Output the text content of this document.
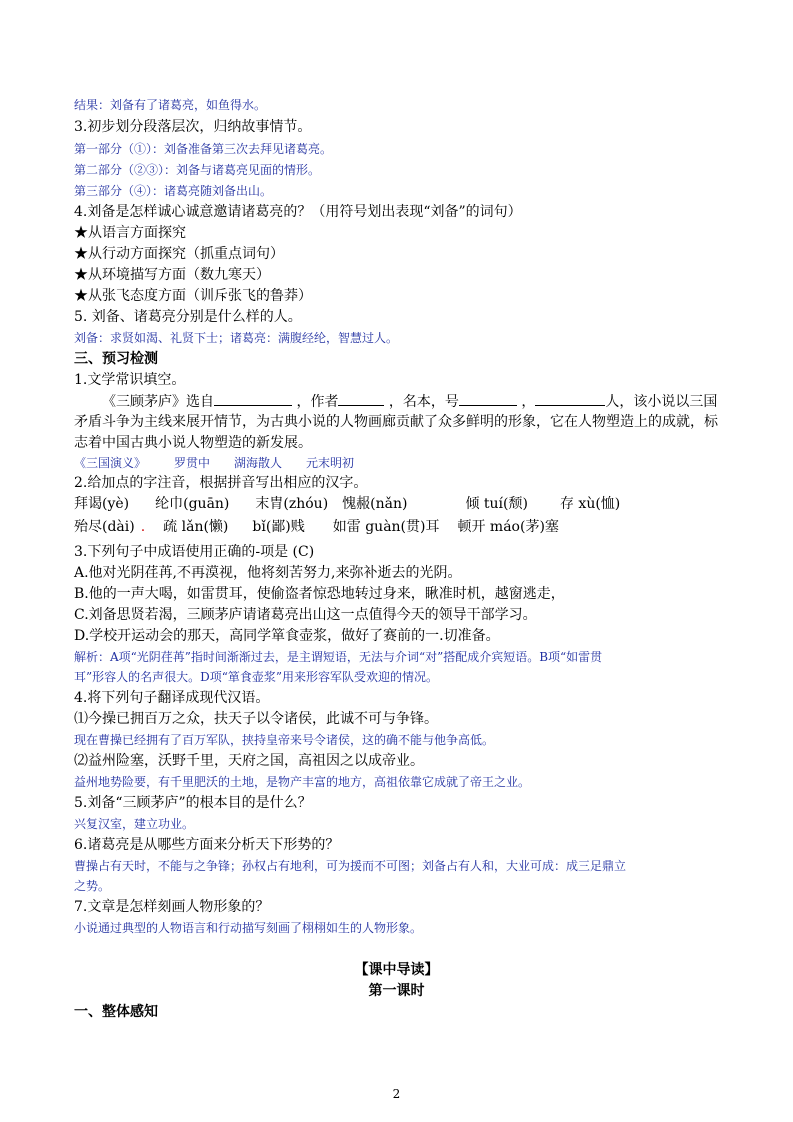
结果：刘备有了诸葛亮，如鱼得水。
3.初步划分段落层次，归纳故事情节。
第一部分（①）：刘备准备第三次去拜见诸葛亮。
第二部分（②③）：刘备与诸葛亮见面的情形。
第三部分（④）：诸葛亮随刘备出山。
4.刘备是怎样诚心诚意邀请诸葛亮的？（用符号划出表现“刘备”的词句）
★从语言方面探究
★从行动方面探究（抓重点词句）
★从环境描写方面（数九寒天）
★从张飞态度方面（训斥张飞的鲁莽）
5. 刘备、诸葛亮分别是什么样的人。
刘备：求贤如渴、礼贤下士；诸葛亮：满腹经纶，智慧过人。
三、预习检测
1.文学常识填空。
《三顾茅庐》选自	，作者	，名本，号	，	人，该小说以三国
矛盾斗争为主线来展开情节，为古典小说的人物画廊贡献了众多鲜明的形象，它在人物塑造上的成就，标
志着中国古典小说人物塑造的新发展。
《三国演义》 罗贯中 湖海散人 元末明初
2.给加点的字注音，根据拼音写出相应的汉字。
拜谒(yè) 纶巾(guān) 末胄(zhóu) 愧赧(nǎn)	倾 tuí(颓) 存 xù(恤)
殆尽(dài) . 疏 lǎn(懒) bǐ(鄙)贱 如雷 guàn(贯)耳 顿开 máo(茅)塞
3.下列句子中成语使用正确的-项是 (C)
A.他对光阴荏苒,不再漠视，他将刻苦努力,来弥补逝去的光阴。
B.他的一声大喝，如雷贯耳，使偷盗者惊恐地转过身来，瞅准时机，越窗逃走，
C.刘备思贤若渴，三顾茅庐请诸葛亮出山这一点值得今天的领导干部学习。
D.学校开运动会的那天，高同学箪食壶浆，做好了赛前的一.切准备。
解析：A项“光阴荏苒”指时间渐渐过去，是主谓短语，无法与介词“对”搭配成介宾短语。B项“如雷贯
耳”形容人的名声很大。D项“箪食壶浆”用来形容军队受欢迎的情况。
4.将下列句子翻译成现代汉语。
⑴今操已拥百万之众，扶天子以令诸侯，此诚不可与争锋。
现在曹操已经拥有了百万军队，挟持皇帝来号令诸侯，这的确不能与他争高低。
⑵益州险塞，沃野千里，天府之国，高祖因之以成帝业。
益州地势险要，有千里肥沃的土地，是物产丰富的地方，高祖依靠它成就了帝王之业。
5.刘备“三顾茅庐”的根本目的是什么？
兴复汉室，建立功业。
6.诸葛亮是从哪些方面来分析天下形势的？
曹操占有天时，不能与之争锋；孙权占有地利，可为援而不可图；刘备占有人和，大业可成：成三足鼎立
之势。
7.文章是怎样刻画人物形象的？
小说通过典型的人物语言和行动描写刻画了栩栩如生的人物形象。
【课中导读】
第一课时
一、整体感知
2
